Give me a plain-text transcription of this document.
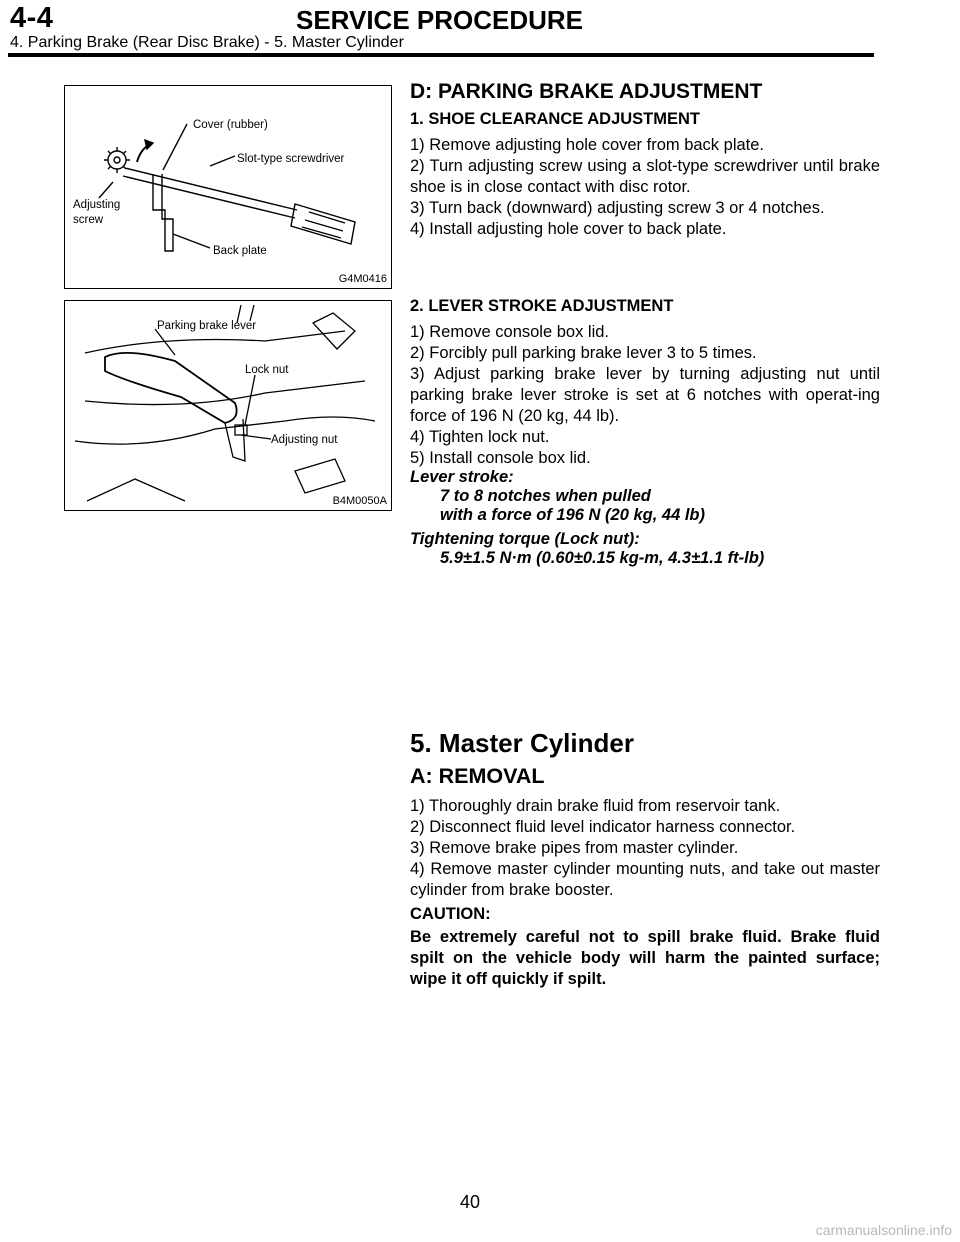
4-4	SERVICE PROCEDURE
4. Parking Brake (Rear Disc Brake) - 5. Master Cylinder
Cover (rubber)
Slot-type screwdriver
Adjusting
screw
Back plate
G4M0416
Parking brake lever
Lock nut
Adjusting nut
B4M0050A
D: PARKING BRAKE ADJUSTMENT
1. SHOE CLEARANCE ADJUSTMENT

1) Remove adjusting hole cover from back plate.

2) Turn adjusting screw using a slot-type screwdriver until brake shoe is in close contact with disc rotor.

3) Turn back (downward) adjusting screw 3 or 4 notches.

4) Install adjusting hole cover to back plate.

2. LEVER STROKE ADJUSTMENT

1) Remove console box lid.

2) Forcibly pull parking brake lever 3 to 5 times.

3) Adjust parking brake lever by turning adjusting nut until parking brake lever stroke is set at 6 notches with operat-ing force of 196 N (20 kg, 44 lb).

4) Tighten lock nut.

5) Install console box lid.

Lever stroke:
7 to 8 notches when pulled
with a force of 196 N (20 kg, 44 lb)
Tightening torque (Lock nut):
5.9±1.5 N·m (0.60±0.15 kg-m, 4.3±1.1 ft-lb)
5. Master Cylinder
A: REMOVAL

1) Thoroughly drain brake fluid from reservoir tank.

2) Disconnect fluid level indicator harness connector.

3) Remove brake pipes from master cylinder.

4) Remove master cylinder mounting nuts, and take out master cylinder from brake booster.

CAUTION:
Be extremely careful not to spill brake fluid. Brake fluid spilt on the vehicle body will harm the painted surface; wipe it off quickly if spilt.
40
carmanualsonline.info
